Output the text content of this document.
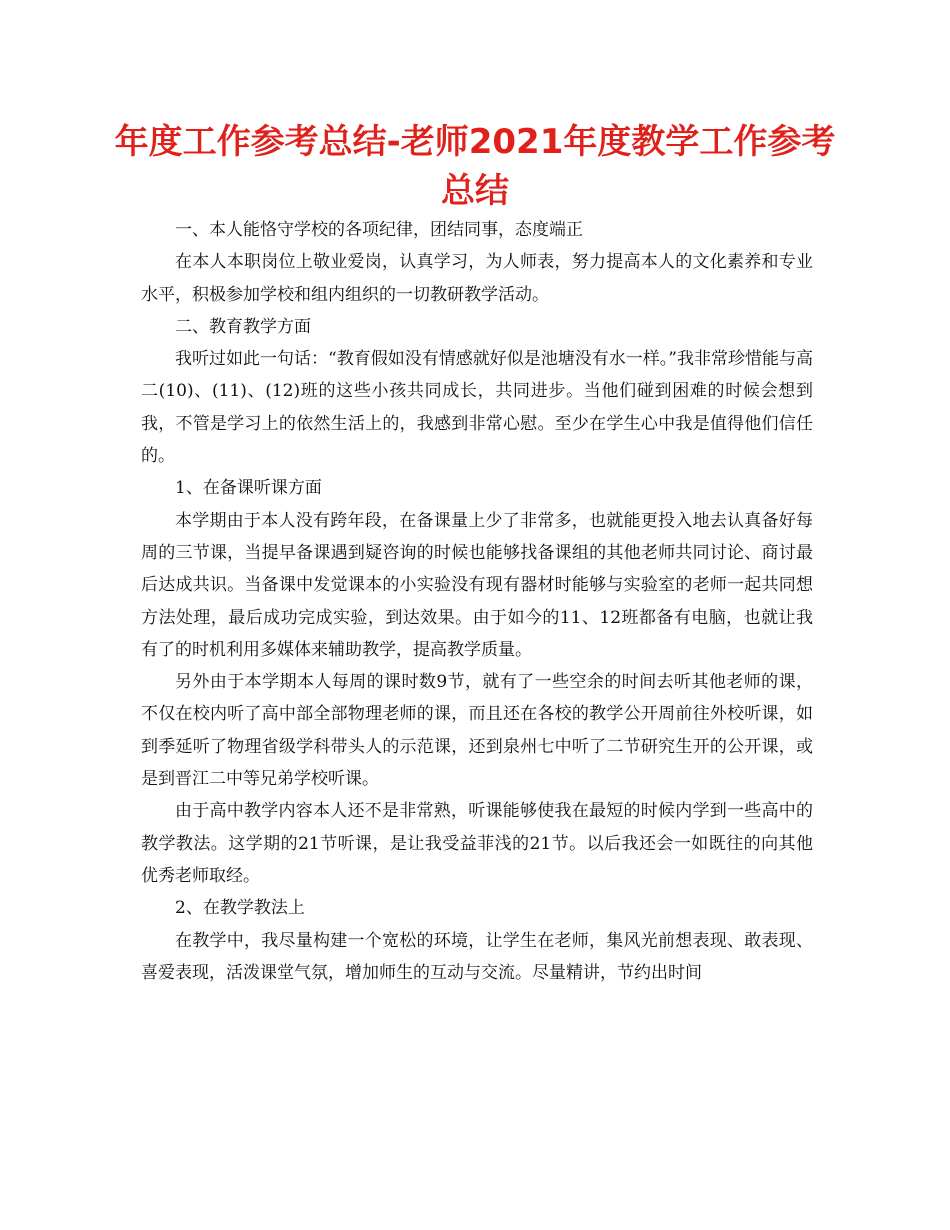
年度工作参考总结-老师2021年度教学工作参考总结

一、本人能恪守学校的各项纪律，团结同事，态度端正

在本人本职岗位上敬业爱岗，认真学习，为人师表，努力提高本人的文化素养和专业水平，积极参加学校和组内组织的一切教研教学活动。

二、教育教学方面

我听过如此一句话：“教育假如没有情感就好似是池塘没有水一样。”我非常珍惜能与高二(10)、(11)、(12)班的这些小孩共同成长，共同进步。当他们碰到困难的时候会想到我，不管是学习上的依然生活上的，我感到非常心慰。至少在学生心中我是值得他们信任的。

1、在备课听课方面

本学期由于本人没有跨年段，在备课量上少了非常多，也就能更投入地去认真备好每周的三节课，当提早备课遇到疑咨询的时候也能够找备课组的其他老师共同讨论、商讨最后达成共识。当备课中发觉课本的小实验没有现有器材时能够与实验室的老师一起共同想方法处理，最后成功完成实验，到达效果。由于如今的11、12班都备有电脑，也就让我有了的时机利用多媒体来辅助教学，提高教学质量。

另外由于本学期本人每周的课时数9节，就有了一些空余的时间去听其他老师的课，不仅在校内听了高中部全部物理老师的课，而且还在各校的教学公开周前往外校听课，如到季延听了物理省级学科带头人的示范课，还到泉州七中听了二节研究生开的公开课，或是到晋江二中等兄弟学校听课。

由于高中教学内容本人还不是非常熟，听课能够使我在最短的时候内学到一些高中的教学教法。这学期的21节听课，是让我受益菲浅的21节。以后我还会一如既往的向其他优秀老师取经。

2、在教学教法上

在教学中，我尽量构建一个宽松的环境，让学生在老师，集风光前想表现、敢表现、喜爱表现，活泼课堂气氛，增加师生的互动与交流。尽量精讲，节约出时间
